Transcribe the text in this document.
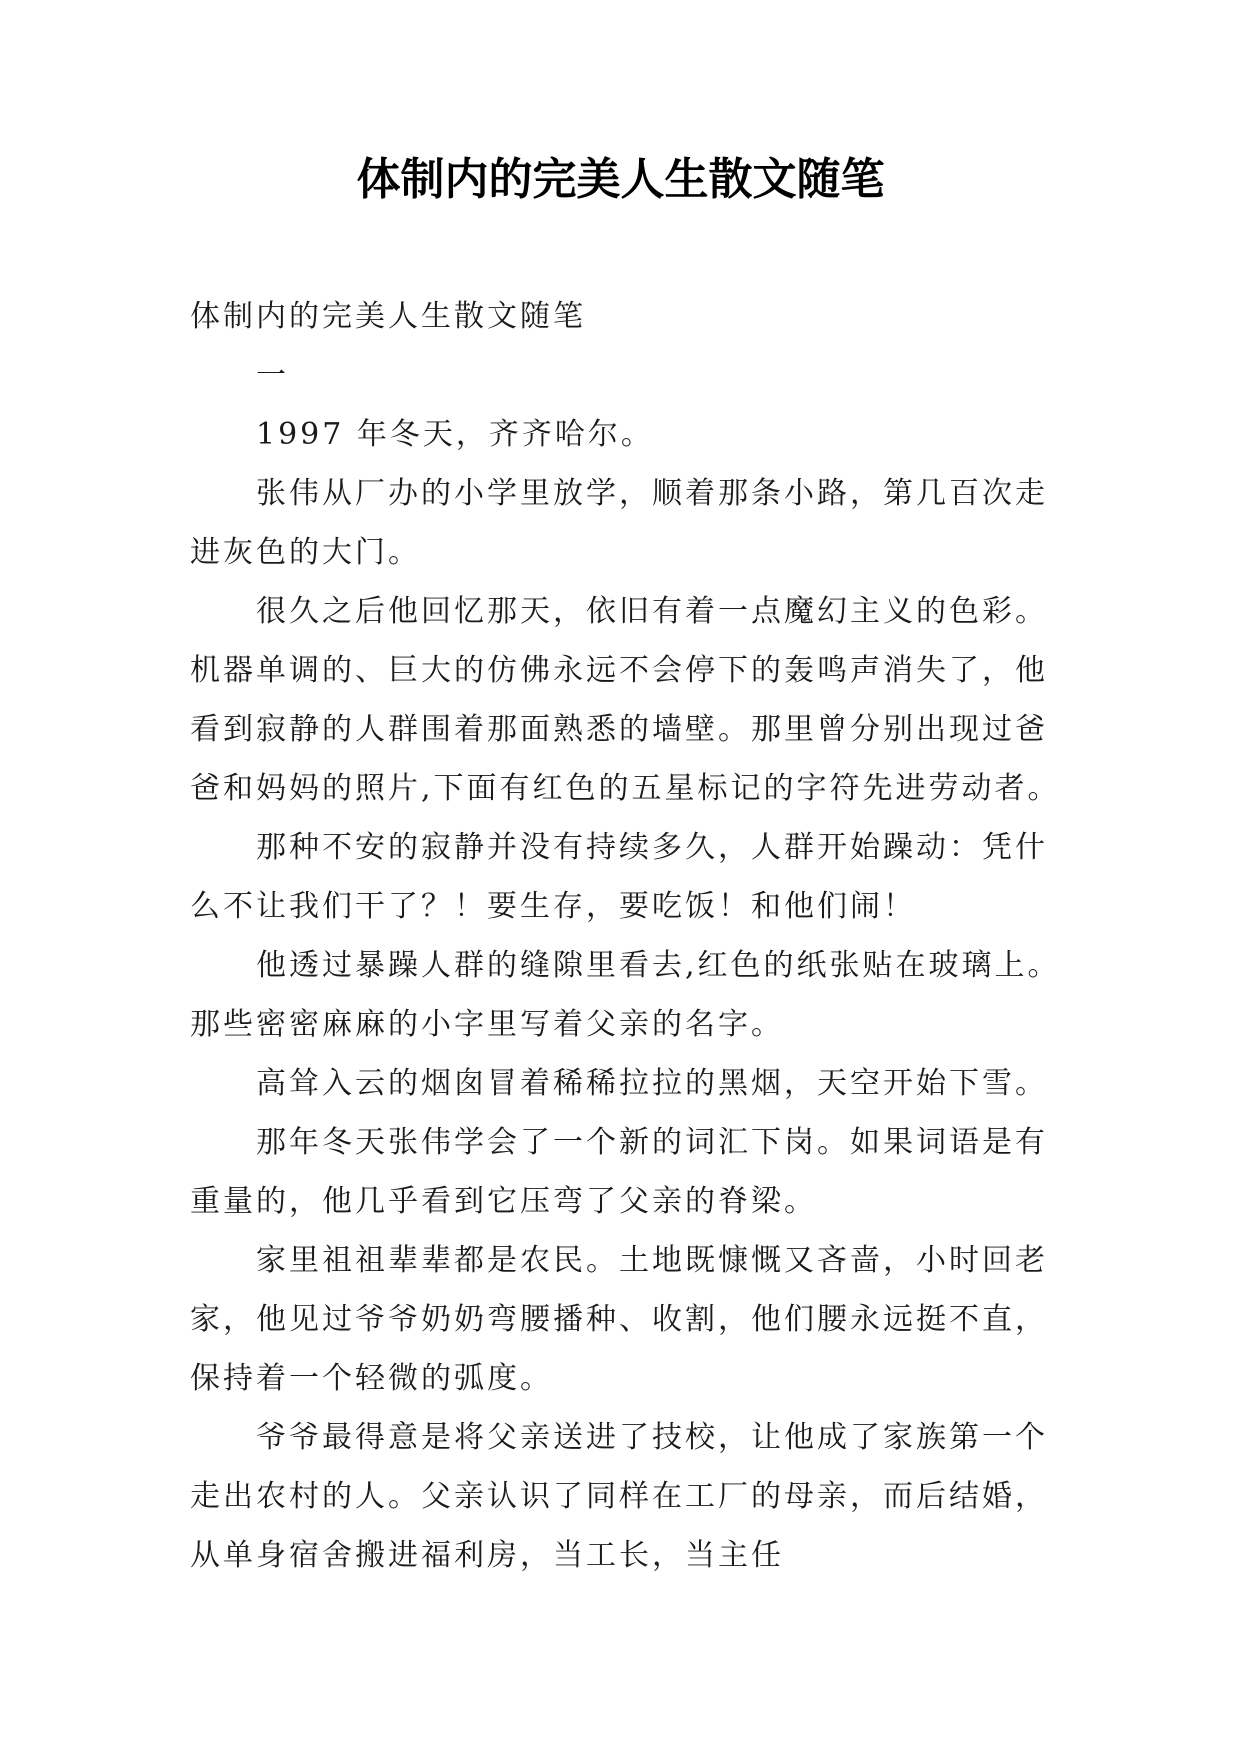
体制内的完美人生散文随笔

体制内的完美人生散文随笔

一

1997 年冬天，齐齐哈尔。

张伟从厂办的小学里放学，顺着那条小路，第几百次走进灰色的大门。

很久之后他回忆那天，依旧有着一点魔幻主义的色彩。机器单调的、巨大的仿佛永远不会停下的轰鸣声消失了，他看到寂静的人群围着那面熟悉的墙壁。那里曾分别出现过爸爸和妈妈的照片,下面有红色的五星标记的字符先进劳动者。

那种不安的寂静并没有持续多久，人群开始躁动：凭什么不让我们干了？！要生存，要吃饭！和他们闹！

他透过暴躁人群的缝隙里看去,红色的纸张贴在玻璃上。那些密密麻麻的小字里写着父亲的名字。

高耸入云的烟囱冒着稀稀拉拉的黑烟，天空开始下雪。

那年冬天张伟学会了一个新的词汇下岗。如果词语是有重量的，他几乎看到它压弯了父亲的脊梁。

家里祖祖辈辈都是农民。土地既慷慨又吝啬，小时回老家，他见过爷爷奶奶弯腰播种、收割，他们腰永远挺不直，保持着一个轻微的弧度。

爷爷最得意是将父亲送进了技校，让他成了家族第一个走出农村的人。父亲认识了同样在工厂的母亲，而后结婚，从单身宿舍搬进福利房，当工长，当主任
